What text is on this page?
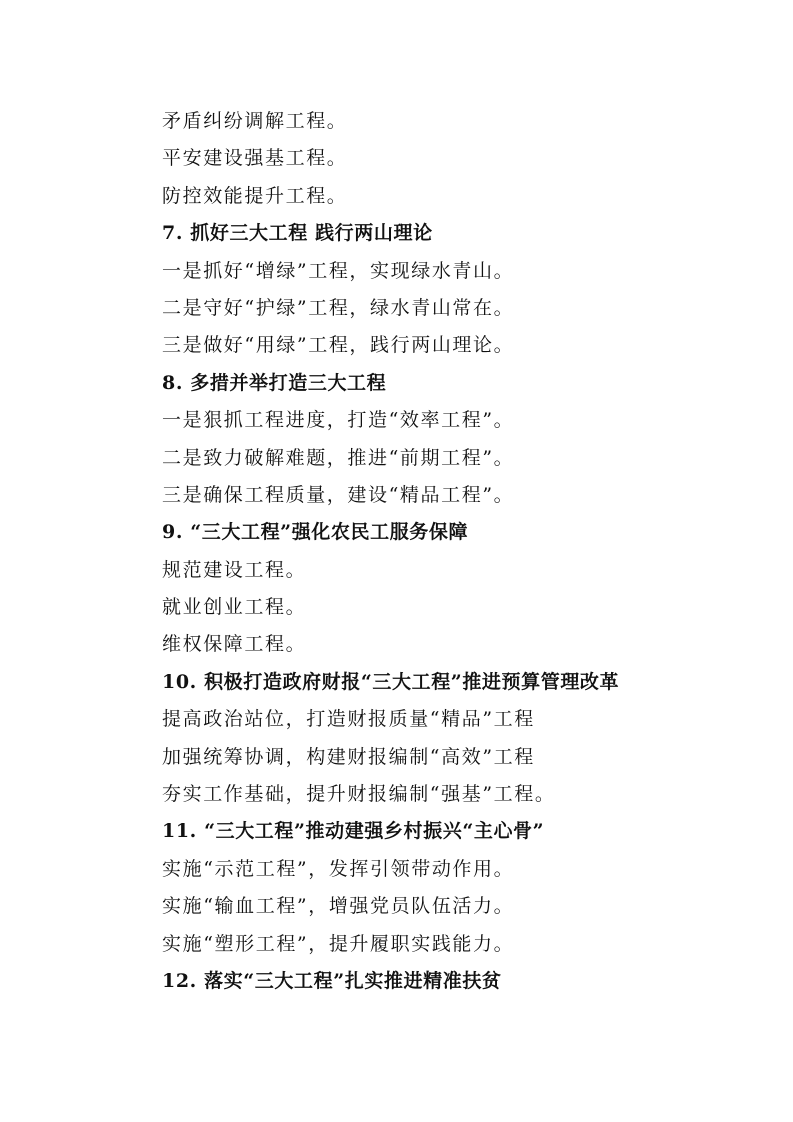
矛盾纠纷调解工程。
平安建设强基工程。
防控效能提升工程。
7. 抓好三大工程 践行两山理论
一是抓好“增绿”工程，实现绿水青山。
二是守好“护绿”工程，绿水青山常在。
三是做好“用绿”工程，践行两山理论。
8. 多措并举打造三大工程
一是狠抓工程进度，打造“效率工程”。
二是致力破解难题，推进“前期工程”。
三是确保工程质量，建设“精品工程”。
9. “三大工程”强化农民工服务保障
规范建设工程。
就业创业工程。
维权保障工程。
10. 积极打造政府财报“三大工程”推进预算管理改革
提高政治站位，打造财报质量“精品”工程
加强统筹协调，构建财报编制“高效”工程
夯实工作基础，提升财报编制“强基”工程。
11. “三大工程”推动建强乡村振兴“主心骨”
实施“示范工程”，发挥引领带动作用。
实施“输血工程”，增强党员队伍活力。
实施“塑形工程”，提升履职实践能力。
12. 落实“三大工程”扎实推进精准扶贫
